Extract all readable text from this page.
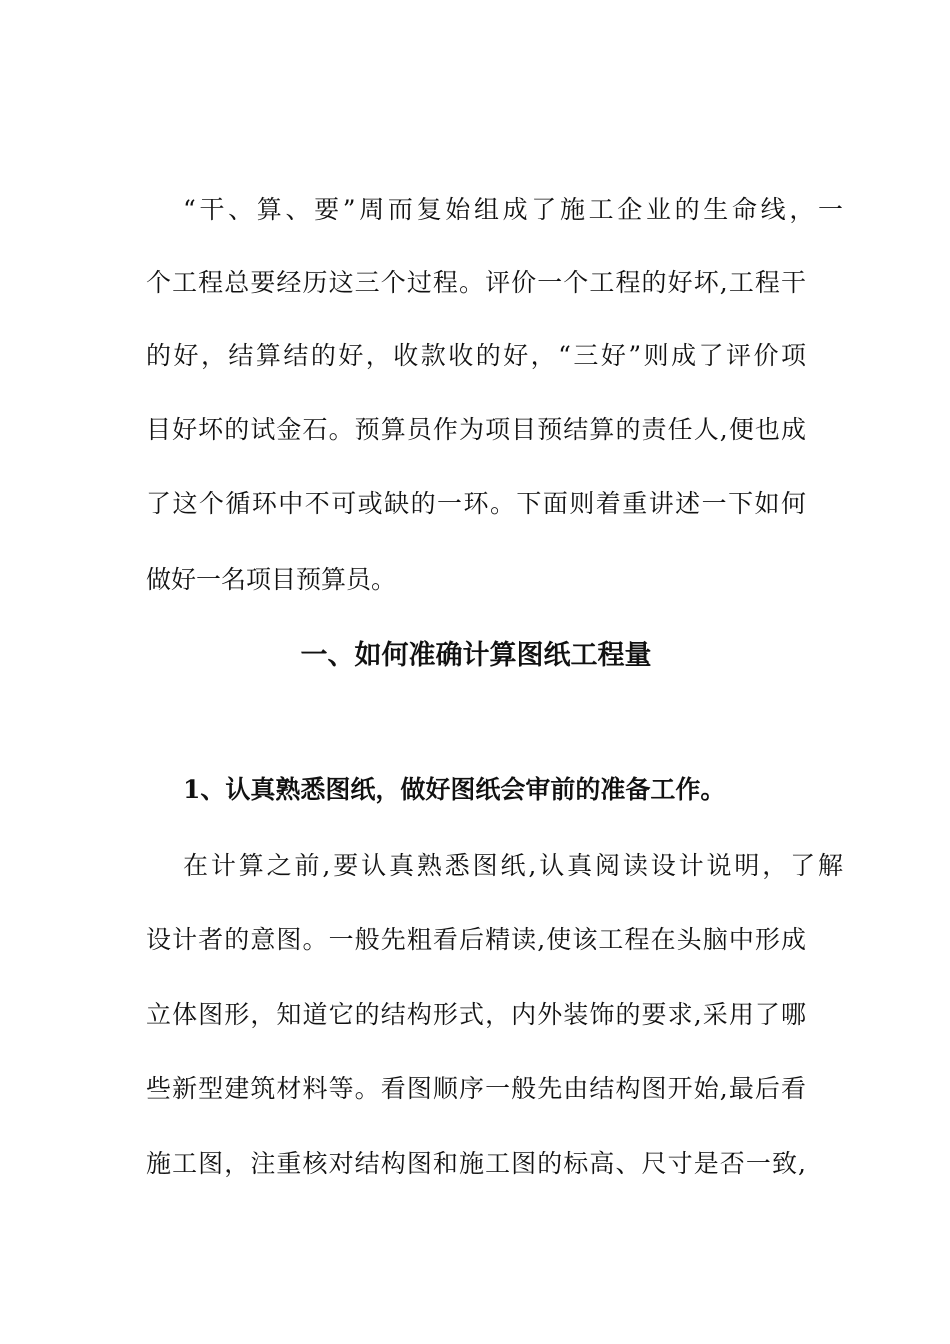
“干、算、要”周而复始组成了施工企业的生命线，一
个工程总要经历这三个过程。评价一个工程的好坏,工程干
的好，结算结的好，收款收的好，“三好”则成了评价项
目好坏的试金石。预算员作为项目预结算的责任人,便也成
了这个循环中不可或缺的一环。下面则着重讲述一下如何
做好一名项目预算员。
一、如何准确计算图纸工程量
1、认真熟悉图纸，做好图纸会审前的准备工作。
在计算之前,要认真熟悉图纸,认真阅读设计说明，了解
设计者的意图。一般先粗看后精读,使该工程在头脑中形成
立体图形，知道它的结构形式，内外装饰的要求,采用了哪
些新型建筑材料等。看图顺序一般先由结构图开始,最后看
施工图，注重核对结构图和施工图的标高、尺寸是否一致,
